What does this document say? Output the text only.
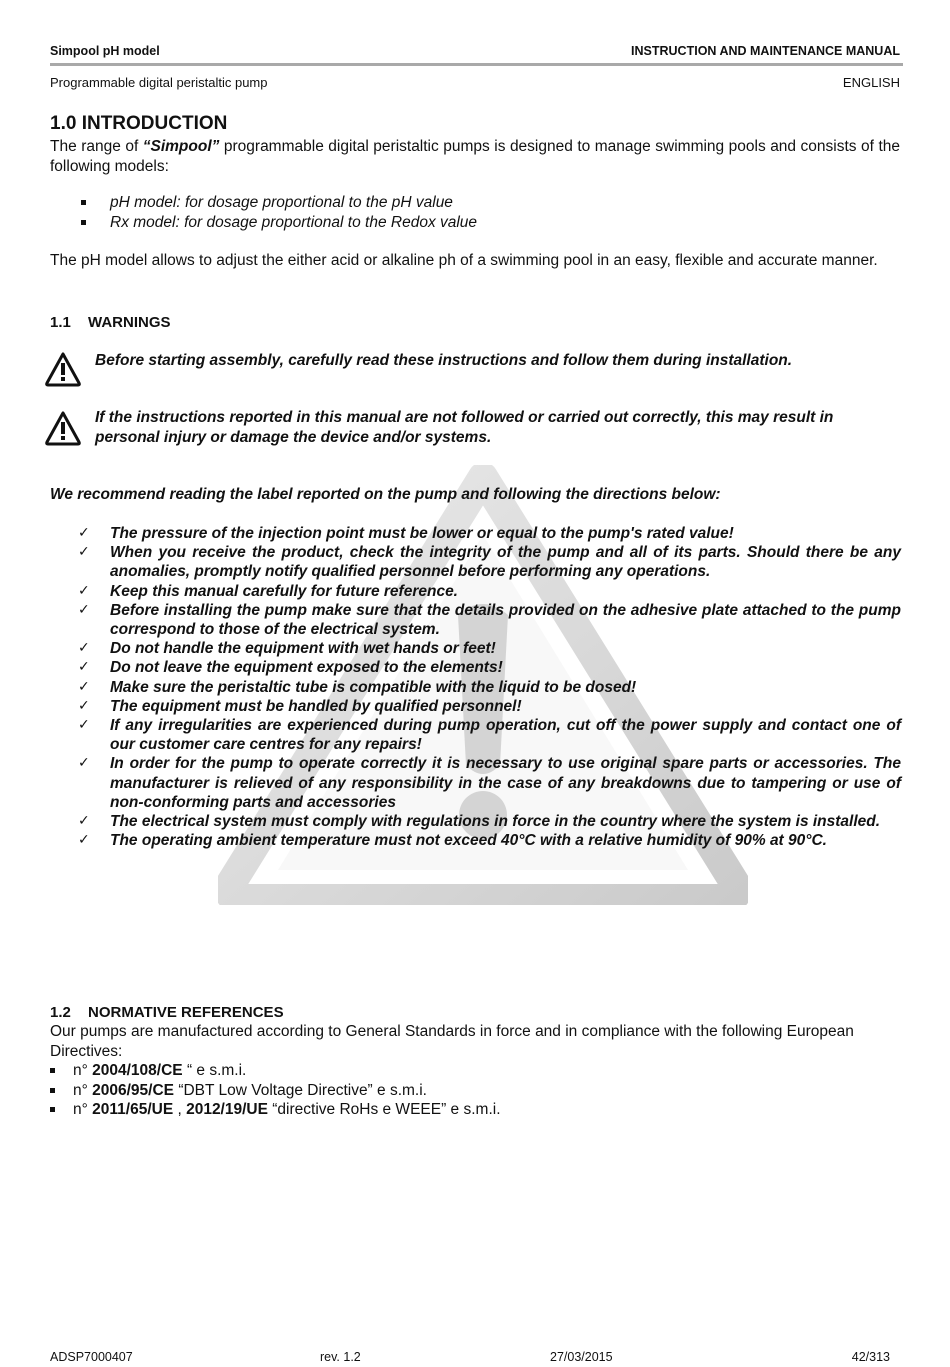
Simpool pH model	INSTRUCTION AND MAINTENANCE MANUAL
Programmable digital peristaltic pump	ENGLISH
1.0 INTRODUCTION
The range of “Simpool” programmable digital peristaltic pumps is designed to manage swimming pools and consists of the following models:
pH model: for dosage proportional to the pH value
Rx model: for dosage proportional to the Redox value
The pH model allows to adjust the either acid or alkaline ph of a swimming pool in an easy, flexible and accurate manner.
1.1 WARNINGS
Before starting assembly, carefully read these instructions and follow them during installation.
If the instructions reported in this manual are not followed or carried out correctly, this may result in personal injury or damage the device and/or systems.
We recommend reading the label reported on the pump and following the directions below:
✓ The pressure of the injection point must be lower or equal to the pump's rated value!
✓ When you receive the product, check the integrity of the pump and all of its parts. Should there be any anomalies, promptly notify qualified personnel before performing any operations.
✓ Keep this manual carefully for future reference.
✓ Before installing the pump make sure that the details provided on the adhesive plate attached to the pump correspond to those of the electrical system.
✓ Do not handle the equipment with wet hands or feet!
✓ Do not leave the equipment exposed to the elements!
✓ Make sure the peristaltic tube is compatible with the liquid to be dosed!
✓ The equipment must be handled by qualified personnel!
✓ If any irregularities are experienced during pump operation, cut off the power supply and contact one of our customer care centres for any repairs!
✓ In order for the pump to operate correctly it is necessary to use original spare parts or accessories. The manufacturer is relieved of any responsibility in the case of any breakdowns due to tampering or use of non-conforming parts and accessories
✓ The electrical system must comply with regulations in force in the country where the system is installed.
✓ The operating ambient temperature must not exceed 40°C with a relative humidity of 90% at 90°C.
1.2 NORMATIVE REFERENCES
Our pumps are manufactured according to General Standards in force and in compliance with the following European Directives:
n° 2004/108/CE “ e s.m.i.
n° 2006/95/CE “DBT Low Voltage Directive” e s.m.i.
n° 2011/65/UE , 2012/19/UE “directive RoHs e WEEE” e s.m.i.
ADSP7000407	rev. 1.2	27/03/2015	42/313
